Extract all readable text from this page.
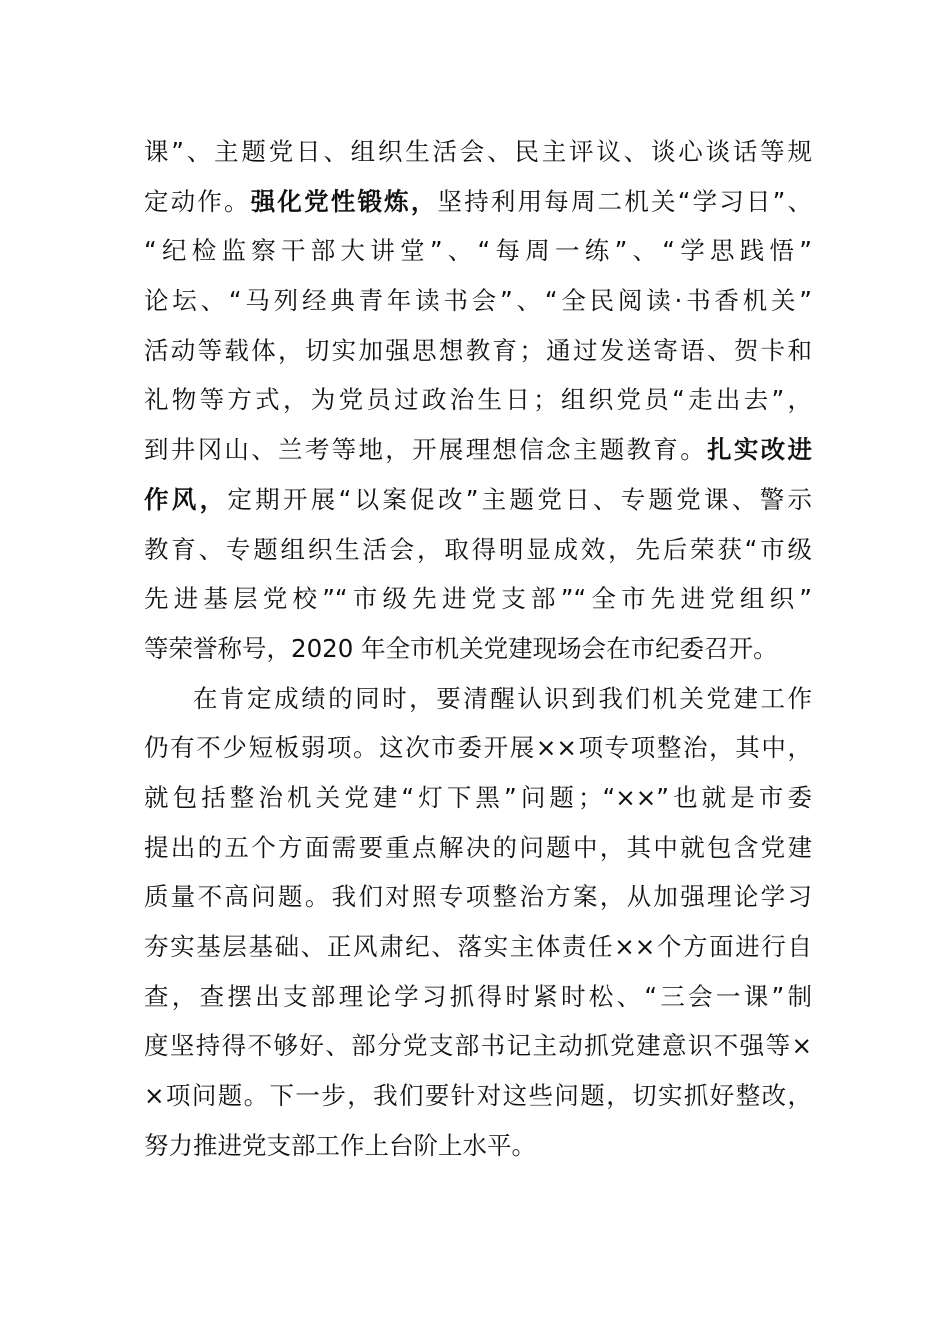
课”、主题党日、组织生活会、民主评议、谈心谈话等规
定动作。强化党性锻炼，坚持利用每周二机关“学习日”、
“纪检监察干部大讲堂”、“每周一练”、“学思践悟”
论坛、“马列经典青年读书会”、“全民阅读·书香机关”
活动等载体，切实加强思想教育；通过发送寄语、贺卡和
礼物等方式，为党员过政治生日；组织党员“走出去”，
到井冈山、兰考等地，开展理想信念主题教育。扎实改进
作风，定期开展“以案促改”主题党日、专题党课、警示
教育、专题组织生活会，取得明显成效，先后荣获“市级
先进基层党校”“市级先进党支部”“全市先进党组织”
等荣誉称号，2020 年全市机关党建现场会在市纪委召开。
在肯定成绩的同时，要清醒认识到我们机关党建工作
仍有不少短板弱项。这次市委开展××项专项整治，其中，
就包括整治机关党建“灯下黑”问题；“××”也就是市委
提出的五个方面需要重点解决的问题中，其中就包含党建
质量不高问题。我们对照专项整治方案，从加强理论学习
夯实基层基础、正风肃纪、落实主体责任××个方面进行自
查，查摆出支部理论学习抓得时紧时松、“三会一课”制
度坚持得不够好、部分党支部书记主动抓党建意识不强等×
×项问题。下一步，我们要针对这些问题，切实抓好整改，
努力推进党支部工作上台阶上水平。
